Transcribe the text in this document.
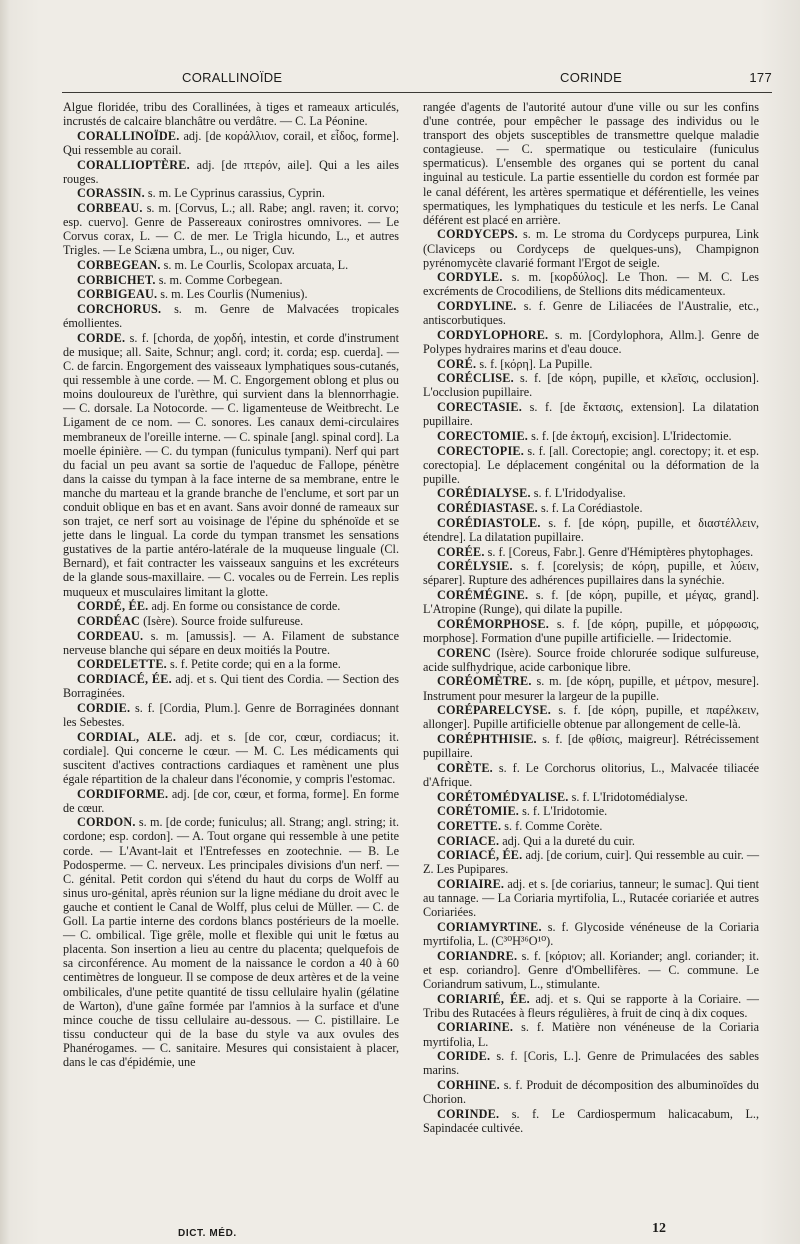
CORALLINOÏDE	CORINDE	177

Algue floridée, tribu des Corallinées, à tiges et rameaux articulés, incrustés de calcaire blanchâtre ou verdâtre. — C. La Péonine.

CORALLINOÏDE. adj. [de κοράλλιον, corail, et εἶδος, forme]. Qui ressemble au corail.

CORALLIOPTÈRE. adj. [de πτερόν, aile]. Qui a les ailes rouges.

CORASSIN. s. m. Le Cyprinus carassius, Cyprin.

CORBEAU. s. m. [Corvus, L.; all. Rabe; angl. raven; it. corvo; esp. cuervo]. Genre de Passereaux conirostres omnivores. — Le Corvus corax, L. — C. de mer. Le Trigla hicundo, L., et autres Trigles. — Le Sciæna umbra, L., ou niger, Cuv.

CORBEGEAN. s. m. Le Courlis, Scolopax arcuata, L.

CORBICHET. s. m. Comme Corbegean.

CORBIGEAU. s. m. Les Courlis (Numenius).

CORCHORUS. s. m. Genre de Malvacées tropicales émollientes.

CORDE. s. f. [chorda, de χορδή, intestin, et corde d'instrument de musique; all. Saite, Schnur; angl. cord; it. corda; esp. cuerda]. — C. de farcin. Engorgement des vaisseaux lymphatiques sous-cutanés, qui ressemble à une corde. — M. C. Engorgement oblong et plus ou moins douloureux de l'urèthre, qui survient dans la blennorrhagie. — C. dorsale. La Notocorde. — C. ligamenteuse de Weitbrecht. Le Ligament de ce nom. — C. sonores. Les canaux demi-circulaires membraneux de l'oreille interne. — C. spinale [angl. spinal cord]. La moelle épinière. — C. du tympan (funiculus tympani). Nerf qui part du facial un peu avant sa sortie de l'aqueduc de Fallope, pénètre dans la caisse du tympan à la face interne de sa membrane, entre le manche du marteau et la grande branche de l'enclume, et sort par un conduit oblique en bas et en avant. Sans avoir donné de rameaux sur son trajet, ce nerf sort au voisinage de l'épine du sphénoïde et se jette dans le lingual. La corde du tympan transmet les sensations gustatives de la partie antéro-latérale de la muqueuse linguale (Cl. Bernard), et fait contracter les vaisseaux sanguins et les excréteurs de la glande sous-maxillaire. — C. vocales ou de Ferrein. Les replis muqueux et musculaires limitant la glotte.

CORDÉ, ÉE. adj. En forme ou consistance de corde.

CORDÉAC (Isère). Source froide sulfureuse.

CORDEAU. s. m. [amussis]. — A. Filament de substance nerveuse blanche qui sépare en deux moitiés la Poutre.

CORDELETTE. s. f. Petite corde; qui en a la forme.

CORDIACÉ, ÉE. adj. et s. Qui tient des Cordia. — Section des Borraginées.

CORDIE. s. f. [Cordia, Plum.]. Genre de Borraginées donnant les Sebestes.

CORDIAL, ALE. adj. et s. [de cor, cœur, cordiacus; it. cordiale]. Qui concerne le cœur. — M. C. Les médicaments qui suscitent d'actives contractions cardiaques et ramènent une plus égale répartition de la chaleur dans l'économie, y compris l'estomac.

CORDIFORME. adj. [de cor, cœur, et forma, forme]. En forme de cœur.

CORDON. s. m. [de corde; funiculus; all. Strang; angl. string; it. cordone; esp. cordon]. — A. Tout organe qui ressemble à une petite corde. — L'Avant-lait et l'Entrefesses en zootechnie. — B. Le Podosperme. — C. nerveux. Les principales divisions d'un nerf. — C. génital. Petit cordon qui s'étend du haut du corps de Wolff au sinus uro-génital, après réunion sur la ligne médiane du droit avec le gauche et contient le Canal de Wolff, plus celui de Müller. — C. de Goll. La partie interne des cordons blancs postérieurs de la moelle. — C. ombilical. Tige grêle, molle et flexible qui unit le fœtus au placenta. Son insertion a lieu au centre du placenta; quelquefois de sa circonférence. Au moment de la naissance le cordon a 40 à 60 centimètres de longueur. Il se compose de deux artères et de la veine ombilicales, d'une petite quantité de tissu cellulaire hyalin (gélatine de Warton), d'une gaîne formée par l'amnios à la surface et d'une mince couche de tissu cellulaire au-dessous. — C. pistillaire. Le tissu conducteur qui de la base du style va aux ovules des Phanérogames. — C. sanitaire. Mesures qui consistaient à placer, dans le cas d'épidémie, une

rangée d'agents de l'autorité autour d'une ville ou sur les confins d'une contrée, pour empêcher le passage des individus ou le transport des objets susceptibles de transmettre quelque maladie contagieuse. — C. spermatique ou testiculaire (funiculus spermaticus). L'ensemble des organes qui se portent du canal inguinal au testicule. La partie essentielle du cordon est formée par le canal déférent, les artères spermatique et déférentielle, les veines spermatiques, les lymphatiques du testicule et les nerfs. Le Canal déférent est placé en arrière.

CORDYCEPS. s. m. Le stroma du Cordyceps purpurea, Link (Claviceps ou Cordyceps de quelques-uns), Champignon pyrénomycète clavarié formant l'Ergot de seigle.

CORDYLE. s. m. [κορδύλος]. Le Thon. — M. C. Les excréments de Crocodiliens, de Stellions dits médicamenteux.

CORDYLINE. s. f. Genre de Liliacées de l'Australie, etc., antiscorbutiques.

CORDYLOPHORE. s. m. [Cordylophora, Allm.]. Genre de Polypes hydraires marins et d'eau douce.

CORÉ. s. f. [κόρη]. La Pupille.

CORÉCLISE. s. f. [de κόρη, pupille, et κλεῖσις, occlusion]. L'occlusion pupillaire.

CORECTASIE. s. f. [de ἔκτασις, extension]. La dilatation pupillaire.

CORECTOMIE. s. f. [de ἐκτομή, excision]. L'Iridectomie.

CORECTOPIE. s. f. [all. Corectopie; angl. corectopy; it. et esp. corectopia]. Le déplacement congénital ou la déformation de la pupille.

CORÉDIALYSE. s. f. L'Iridodyalise.

CORÉDIASTASE. s. f. La Corédiastole.

CORÉDIASTOLE. s. f. [de κόρη, pupille, et διαστέλλειν, étendre]. La dilatation pupillaire.

CORÉE. s. f. [Coreus, Fabr.]. Genre d'Hémiptères phytophages.

CORÉLYSIE. s. f. [corelysis; de κόρη, pupille, et λύειν, séparer]. Rupture des adhérences pupillaires dans la synéchie.

CORÉMÉGINE. s. f. [de κόρη, pupille, et μέγας, grand]. L'Atropine (Runge), qui dilate la pupille.

CORÉMORPHOSE. s. f. [de κόρη, pupille, et μόρφωσις, morphose]. Formation d'une pupille artificielle. — Iridectomie.

CORENC (Isère). Source froide chlorurée sodique sulfureuse, acide sulfhydrique, acide carbonique libre.

CORÉOMÈTRE. s. m. [de κόρη, pupille, et μέτρον, mesure]. Instrument pour mesurer la largeur de la pupille.

CORÉPARELCYSE. s. f. [de κόρη, pupille, et παρέλκειν, allonger]. Pupille artificielle obtenue par allongement de celle-là.

CORÉPHTHISIE. s. f. [de φθίσις, maigreur]. Rétrécissement pupillaire.

CORÈTE. s. f. Le Corchorus olitorius, L., Malvacée tiliacée d'Afrique.

CORÉTOMÉDYALISE. s. f. L'Iridotomédialyse.

CORÉTOMIE. s. f. L'Iridotomie.

CORETTE. s. f. Comme Corète.

CORIACE. adj. Qui a la dureté du cuir.

CORIACÉ, ÉE. adj. [de corium, cuir]. Qui ressemble au cuir. — Z. Les Pupipares.

CORIAIRE. adj. et s. [de coriarius, tanneur; le sumac]. Qui tient au tannage. — La Coriaria myrtifolia, L., Rutacée coriariée et autres Coriariées.

CORIAMYRTINE. s. f. Glycoside vénéneuse de la Coriaria myrtifolia, L. (C³⁰H³⁶O¹⁰).

CORIANDRE. s. f. [κόριον; all. Koriander; angl. coriander; it. et esp. coriandro]. Genre d'Ombellifères. — C. commune. Le Coriandrum sativum, L., stimulante.

CORIARIÉ, ÉE. adj. et s. Qui se rapporte à la Coriaire. — Tribu des Rutacées à fleurs régulières, à fruit de cinq à dix coques.

CORIARINE. s. f. Matière non vénéneuse de la Coriaria myrtifolia, L.

CORIDE. s. f. [Coris, L.]. Genre de Primulacées des sables marins.

CORHINE. s. f. Produit de décomposition des albuminoïdes du Chorion.

CORINDE. s. f. Le Cardiospermum halicacabum, L., Sapindacée cultivée.

DICT. MÉD.	12
